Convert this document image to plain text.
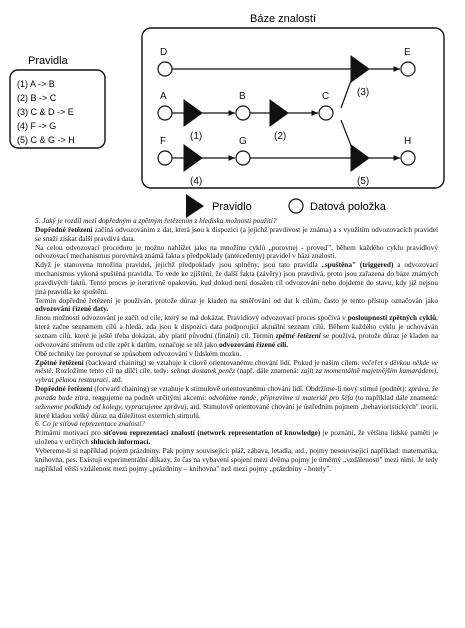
Pravidla
(1) A -> B
(2) B -> C
(3) C & D -> E
(4) F -> G
(5) C & G -> H
Báze znalostí
D	E
A	B	C
F	G	H
(1)	(2)
(3)
(4)	(5)
Pravidlo	Datová položka

5. Jaký je rozdíl mezi dopředným a zpětným řetězením z hlediska možnosti použití?

Dopředné řetězení začíná odvozováním z dat, která jsou k dispozici (a jejichž pravdivost je známa) a s využitím odvozovacích pravidel se snaží získat další pravdivá data.

Na celou odvozovací proceduru je možno nahlížet jako na množinu cyklů „porovnej - proveď", během každého cyklu pravidlový odvozovací mechanismus porovnává známá fakta s předpoklady (antecedenty) pravidel v bázi znalostí.

Když je stanovena množina pravidel, jejichž předpoklady jsou splněny, jsou tato pravidla „spuštěna" (triggered) a odvozovací mechanismus vykoná spuštěná pravidla. To vede ke zjištění, že další fakta (závěry) jsou pravdivá, proto jsou zařazena do báze známých pravdivých faktů. Tento proces je iterativně opakován, kud dokud není dosažen cíl odvozování nebo dojdeme do stavu, kdy již nejsou jiná pravidla ke spuštění.

Termín dopředné řetězení je používán, protože důraz je kladen na směřování od dat k cílům, často je tento přístup označován jako odvozování řízené daty.

Jinou možností odvozování je začít od cíle, který se má dokázat. Pravidlový odvozovací proces spočívá v posloupnosti zpětných cyklů, která začne seznamem cílů a hledá, zda jsou k dispozici data podporující aktuální seznam cílů. Během každého cyklu je uchováván seznam cílů, které je ještě třeba dokázat, aby platil původní (finální) cíl. Termín zpětné řetězení se používá, protože důraz je kladen na odvozování směrem od cíle zpět k datům, označuje se též jako odvozování řízené cíli.

Obě techniky lze porovnat se způsobem odvozování v lidském mozku.

Zpětné řetězení (backward chaining) se vztahuje k cílově orientovanému chování lidí. Pokud je naším cílem: večeřet s děvkou někde ve městě. Rozložíme tento cíl na dílčí cíle, tedy: sehnat dostatek peněz (např. dále znamená: zajít za momentálně majetnějším kamarádem), vybrat pěknou restauraci, atd.

Dopředné řetězení (forward chaining) se vztahuje k stimulově orientovanému chování lidí. Obdržíme-li nový stimul (podnět): zpráva, že porada bude zítra, reagujeme na podnět určitými akcemi: odvoláme rande, připravíme si materiál pro šéfa (to například dále znamená: seženeme podklady od kolegy, vypracujeme zprávu), atd. Stimulově orientované chování je ústředním pojmem „behavioristických" teorií, které kladou velký důraz na důležitost externích stimulů.

6. Co je síťová reprezentace znalostí?

Primární motivací pro síťovou reprezentaci znalostí (network representation of knowledge) je poznání, že většina lidské paměti je uložena v určitých shlucích informací.

Vybereme-li si například pojem prázdniny. Pak pojmy související: pláž, zábava, letadla, atd., pojmy nesouvisející například: matematika, knihovna, pes. Existují experimentální důkazy, že čas na vybavení spojení mezi dvěma pojmy je úměrný „vzdálenosti" mezi nimi. Je tedy například větší vzdálenost mezi pojmy „prázdniny – knihovna" než mezi pojmy „prázdniny - hotely".
